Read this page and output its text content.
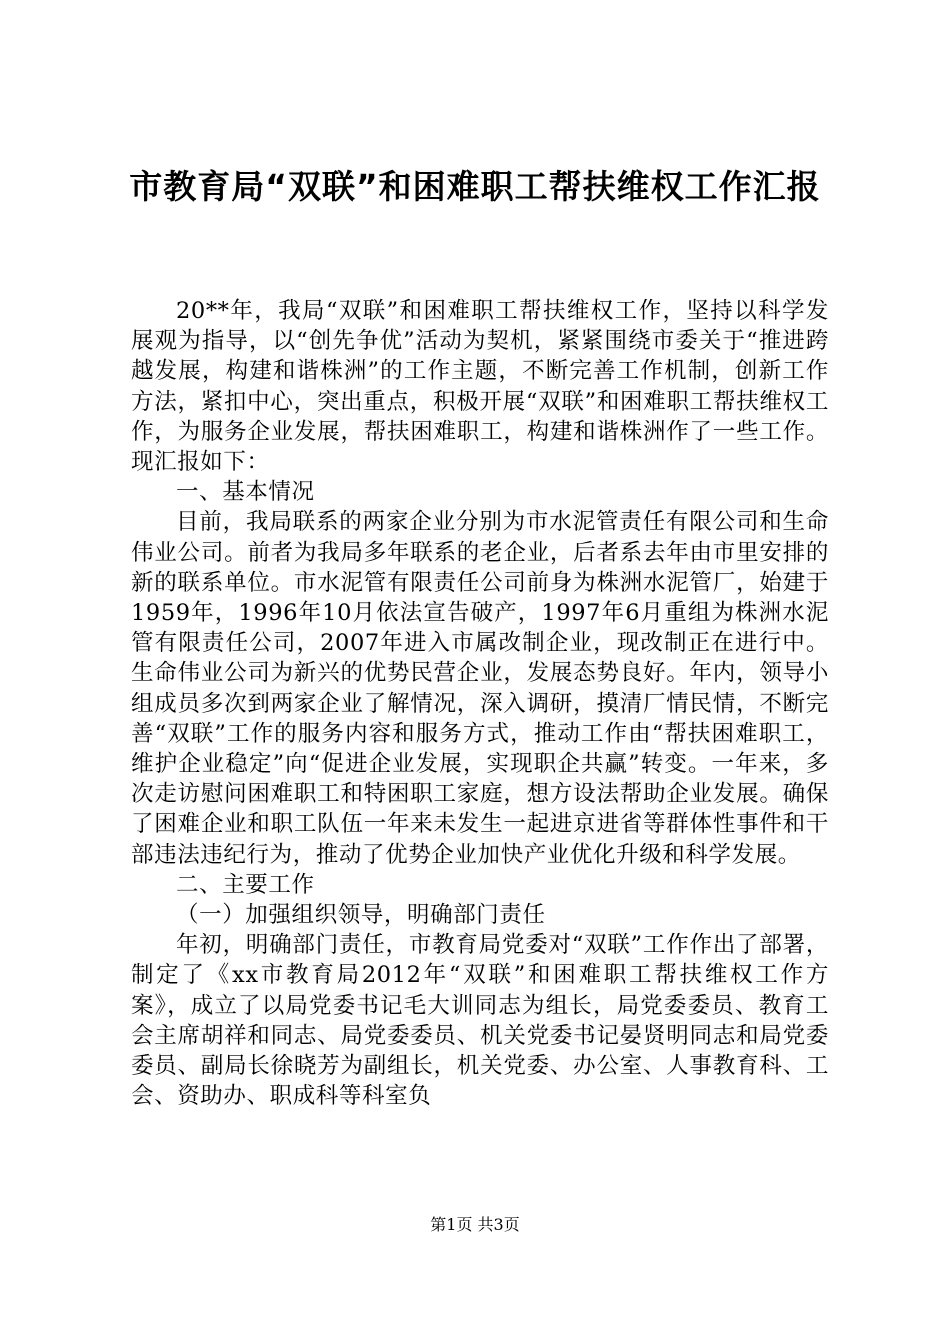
市教育局“双联”和困难职工帮扶维权工作汇报

20**年，我局“双联”和困难职工帮扶维权工作，坚持以科学发展观为指导，以“创先争优”活动为契机，紧紧围绕市委关于“推进跨越发展，构建和谐株洲”的工作主题，不断完善工作机制，创新工作方法，紧扣中心，突出重点，积极开展“双联”和困难职工帮扶维权工作，为服务企业发展，帮扶困难职工，构建和谐株洲作了一些工作。现汇报如下：

一、基本情况

目前，我局联系的两家企业分别为市水泥管责任有限公司和生命伟业公司。前者为我局多年联系的老企业，后者系去年由市里安排的新的联系单位。市水泥管有限责任公司前身为株洲水泥管厂，始建于1959年，1996年10月依法宣告破产，1997年6月重组为株洲水泥管有限责任公司，2007年进入市属改制企业，现改制正在进行中。生命伟业公司为新兴的优势民营企业，发展态势良好。年内，领导小组成员多次到两家企业了解情况，深入调研，摸清厂情民情，不断完善“双联”工作的服务内容和服务方式，推动工作由“帮扶困难职工，维护企业稳定”向“促进企业发展，实现职企共赢”转变。一年来，多次走访慰问困难职工和特困职工家庭，想方设法帮助企业发展。确保了困难企业和职工队伍一年来未发生一起进京进省等群体性事件和干部违法违纪行为，推动了优势企业加快产业优化升级和科学发展。

二、主要工作

（一）加强组织领导，明确部门责任

年初，明确部门责任，市教育局党委对“双联”工作作出了部署，制定了《xx市教育局2012年“双联”和困难职工帮扶维权工作方案》，成立了以局党委书记毛大训同志为组长，局党委委员、教育工会主席胡祥和同志、局党委委员、机关党委书记晏贤明同志和局党委委员、副局长徐晓芳为副组长，机关党委、办公室、人事教育科、工会、资助办、职成科等科室负

第1页 共3页
